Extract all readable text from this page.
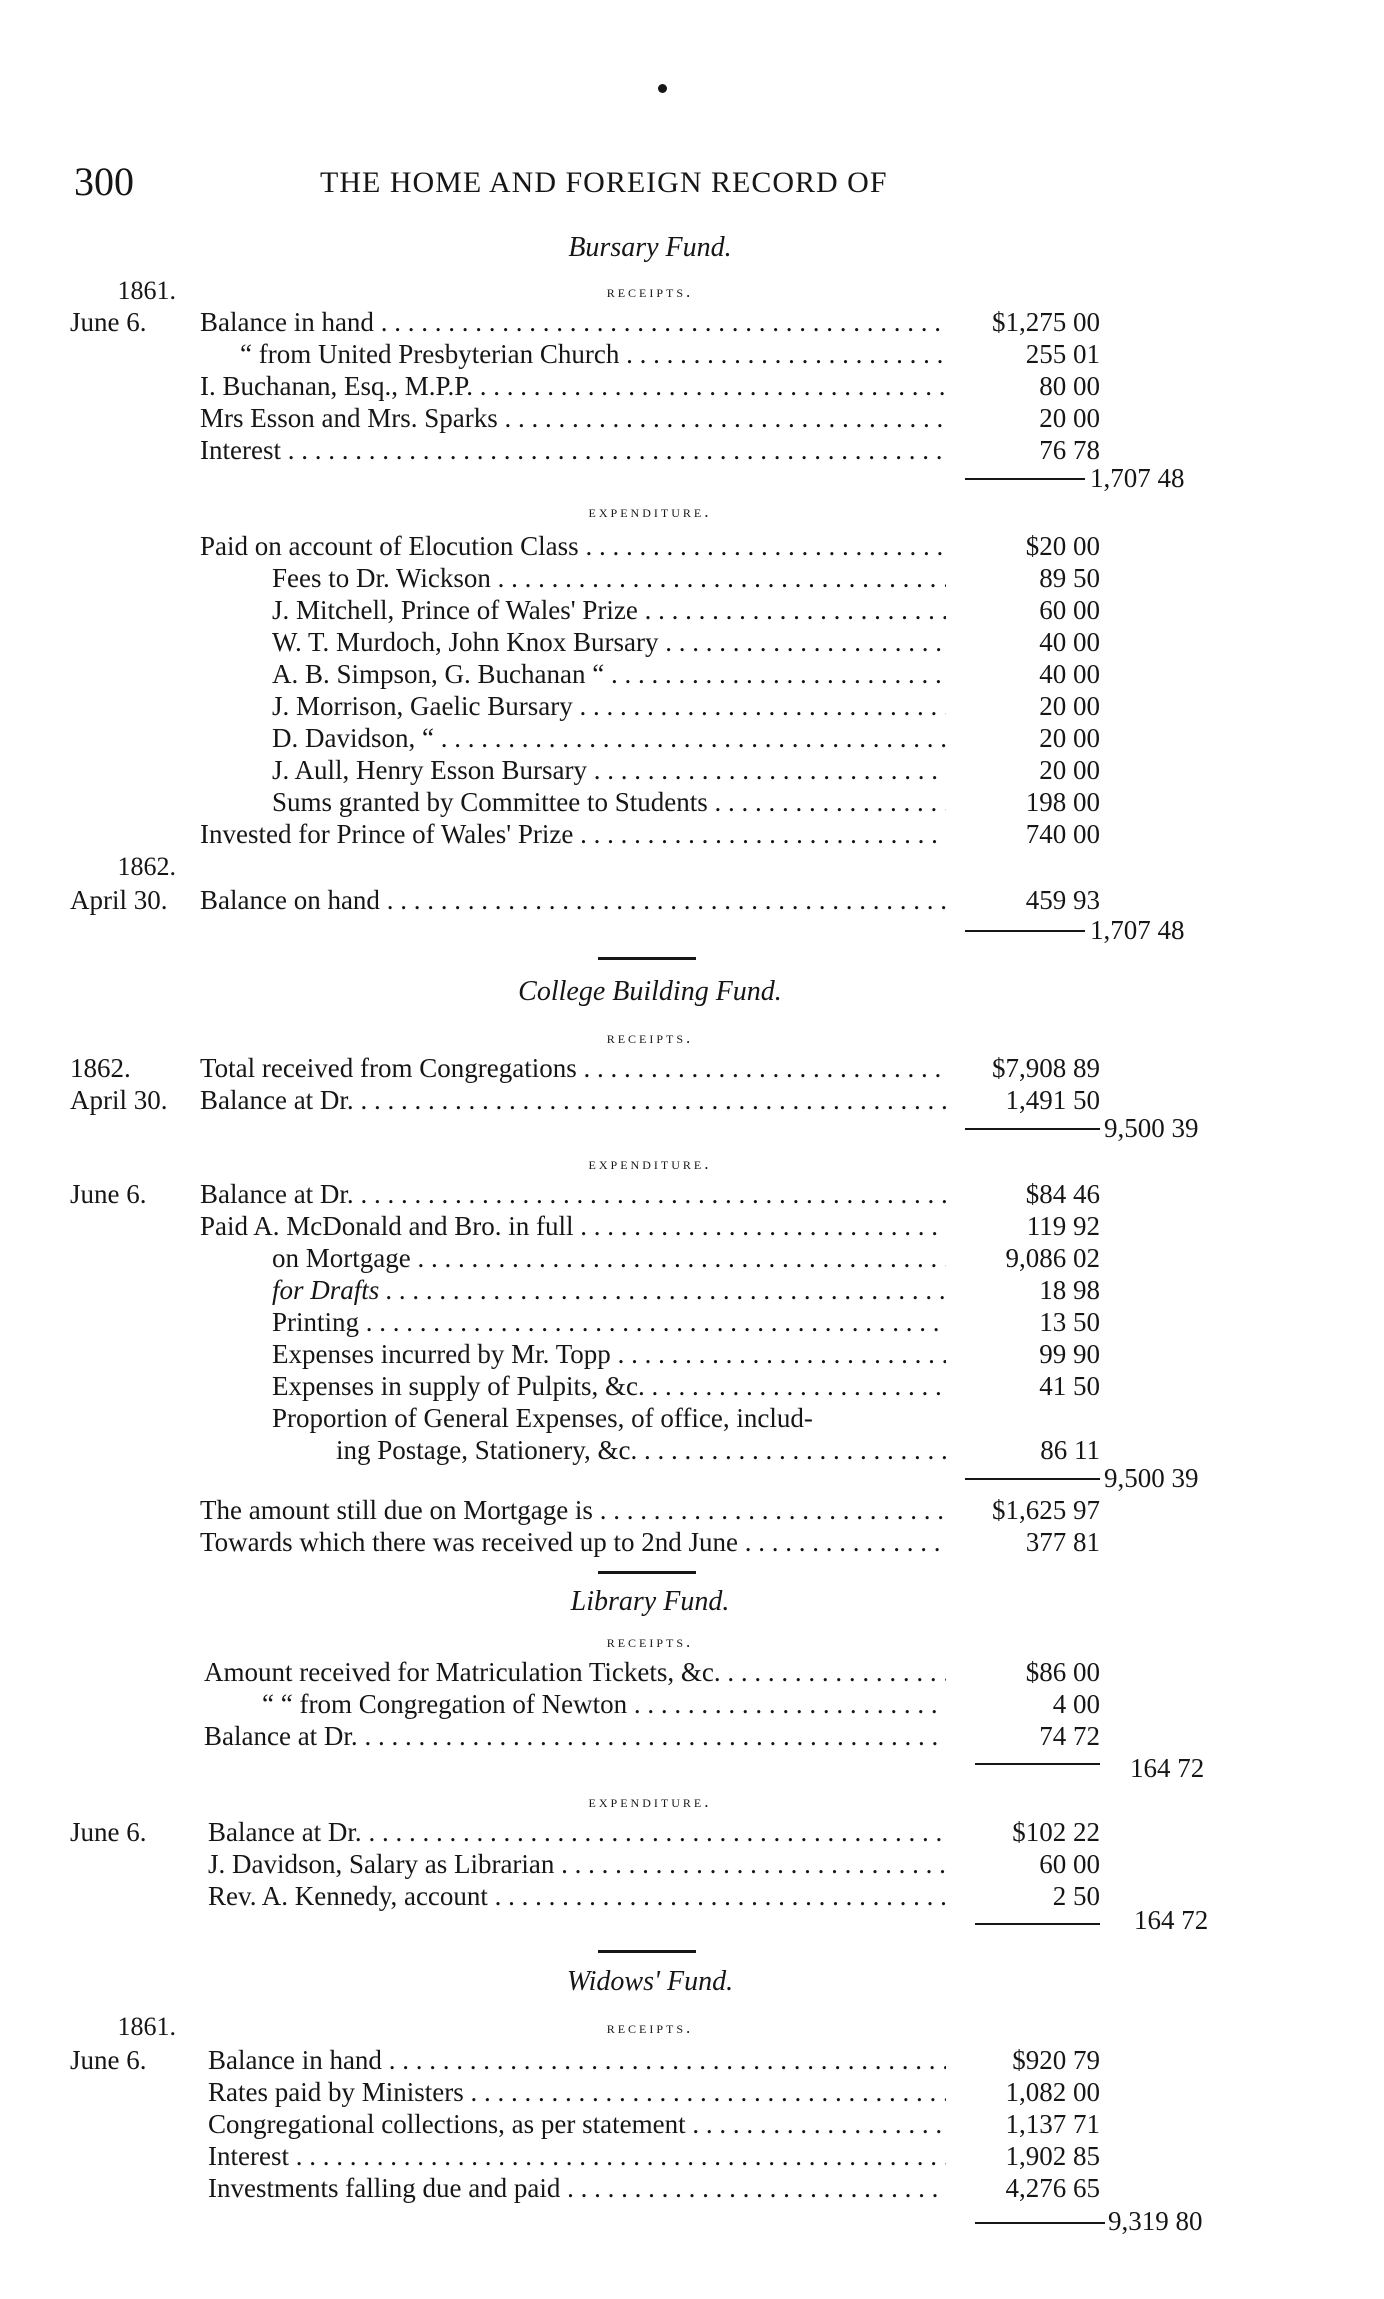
300	THE HOME AND FOREIGN RECORD OF
Bursary Fund.
1861.	receipts.
June 6.	Balance in hand . . .	$1,275 00
“ from United Presbyterian Church . . .	255 01
I. Buchanan, Esq., M.P.P. . . .	80 00
Mrs Esson and Mrs. Sparks . . .	20 00
Interest . . .	76 78
1,707 48
expenditure.
Paid on account of Elocution Class . . .	$20 00
Fees to Dr. Wickson . . .	89 50
J. Mitchell, Prince of Wales' Prize . . .	60 00
W. T. Murdoch, John Knox Bursary . . .	40 00
A. B. Simpson, G. Buchanan “ . . .	40 00
J. Morrison, Gaelic Bursary . . .	20 00
D. Davidson, “ . . .	20 00
J. Aull, Henry Esson Bursary . . .	20 00
Sums granted by Committee to Students . . .	198 00
Invested for Prince of Wales' Prize . . .	740 00
1862.
April 30.	Balance on hand . . .	459 93
1,707 48
College Building Fund.
receipts.
1862.	Total received from Congregations . . .	$7,908 89
April 30.	Balance at Dr. . . .	1,491 50
9,500 39
expenditure.
June 6.	Balance at Dr. . . .	$84 46
Paid A. McDonald and Bro. in full . . .	119 92
on Mortgage . . .	9,086 02
for Drafts . . .	18 98
Printing . . .	13 50
Expenses incurred by Mr. Topp . . .	99 90
Expenses in supply of Pulpits, &c. . . .	41 50
Proportion of General Expenses, of office, includ-
ing Postage, Stationery, &c. . . .	86 11
9,500 39
The amount still due on Mortgage is . . .	$1,625 97
Towards which there was received up to 2nd June . . .	377 81
Library Fund.
receipts.
Amount received for Matriculation Tickets, &c. . . .	$86 00
“ “ from Congregation of Newton . . .	4 00
Balance at Dr. . . .	74 72
164 72
expenditure.
June 6.	Balance at Dr. . . .	$102 22
J. Davidson, Salary as Librarian . . .	60 00
Rev. A. Kennedy, account . . .	2 50
164 72
Widows' Fund.
1861.	receipts.
June 6.	Balance in hand . . .	$920 79
Rates paid by Ministers . . .	1,082 00
Congregational collections, as per statement . . .	1,137 71
Interest . . .	1,902 85
Investments falling due and paid . . .	4,276 65
9,319 80
